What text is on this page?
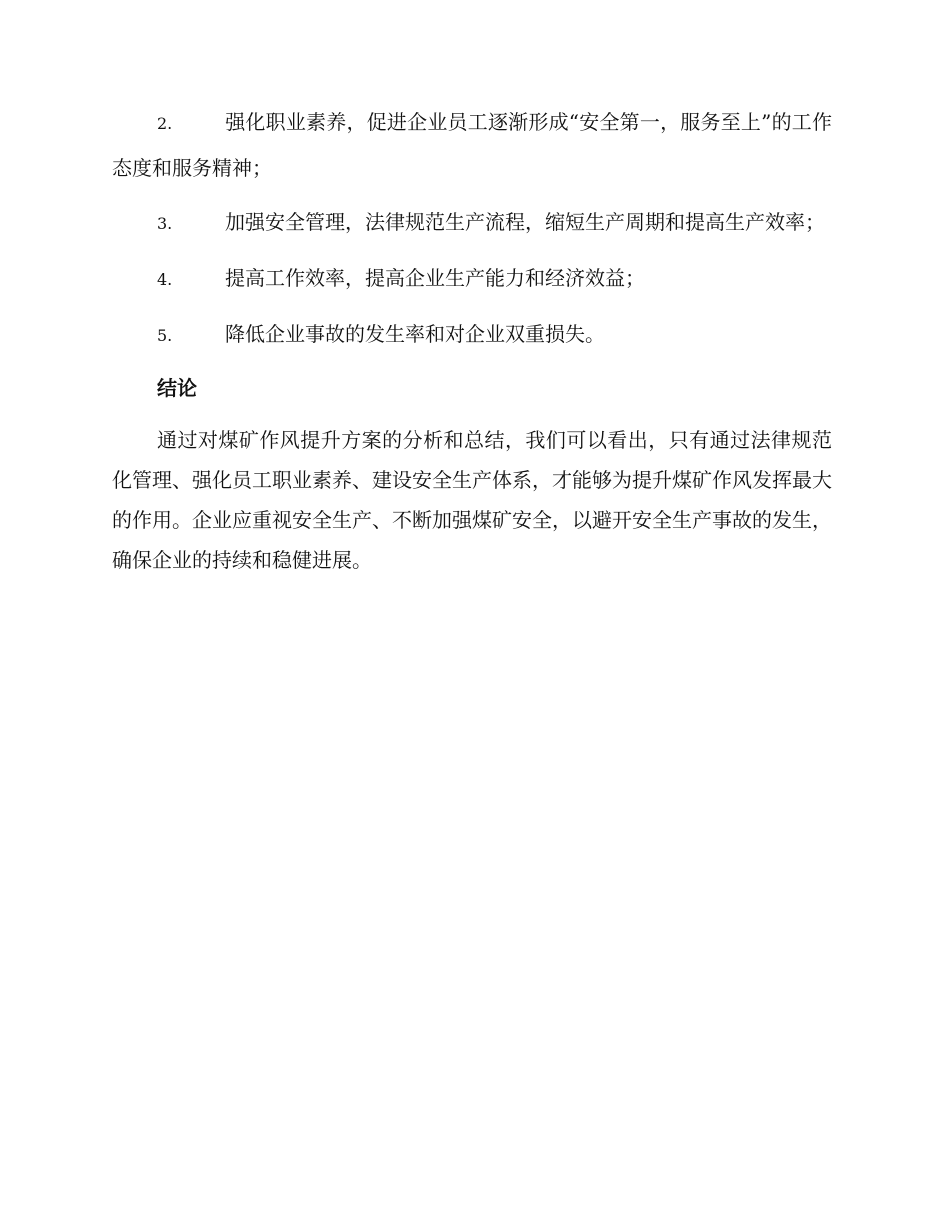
2.	强化职业素养，促进企业员工逐渐形成“安全第一，服务至上”的工作态度和服务精神；
3.	加强安全管理，法律规范生产流程，缩短生产周期和提高生产效率；
4.	提高工作效率，提高企业生产能力和经济效益；
5.	降低企业事故的发生率和对企业双重损失。
结论

通过对煤矿作风提升方案的分析和总结，我们可以看出，只有通过法律规范化管理、强化员工职业素养、建设安全生产体系，才能够为提升煤矿作风发挥最大的作用。企业应重视安全生产、不断加强煤矿安全，以避开安全生产事故的发生，确保企业的持续和稳健进展。
